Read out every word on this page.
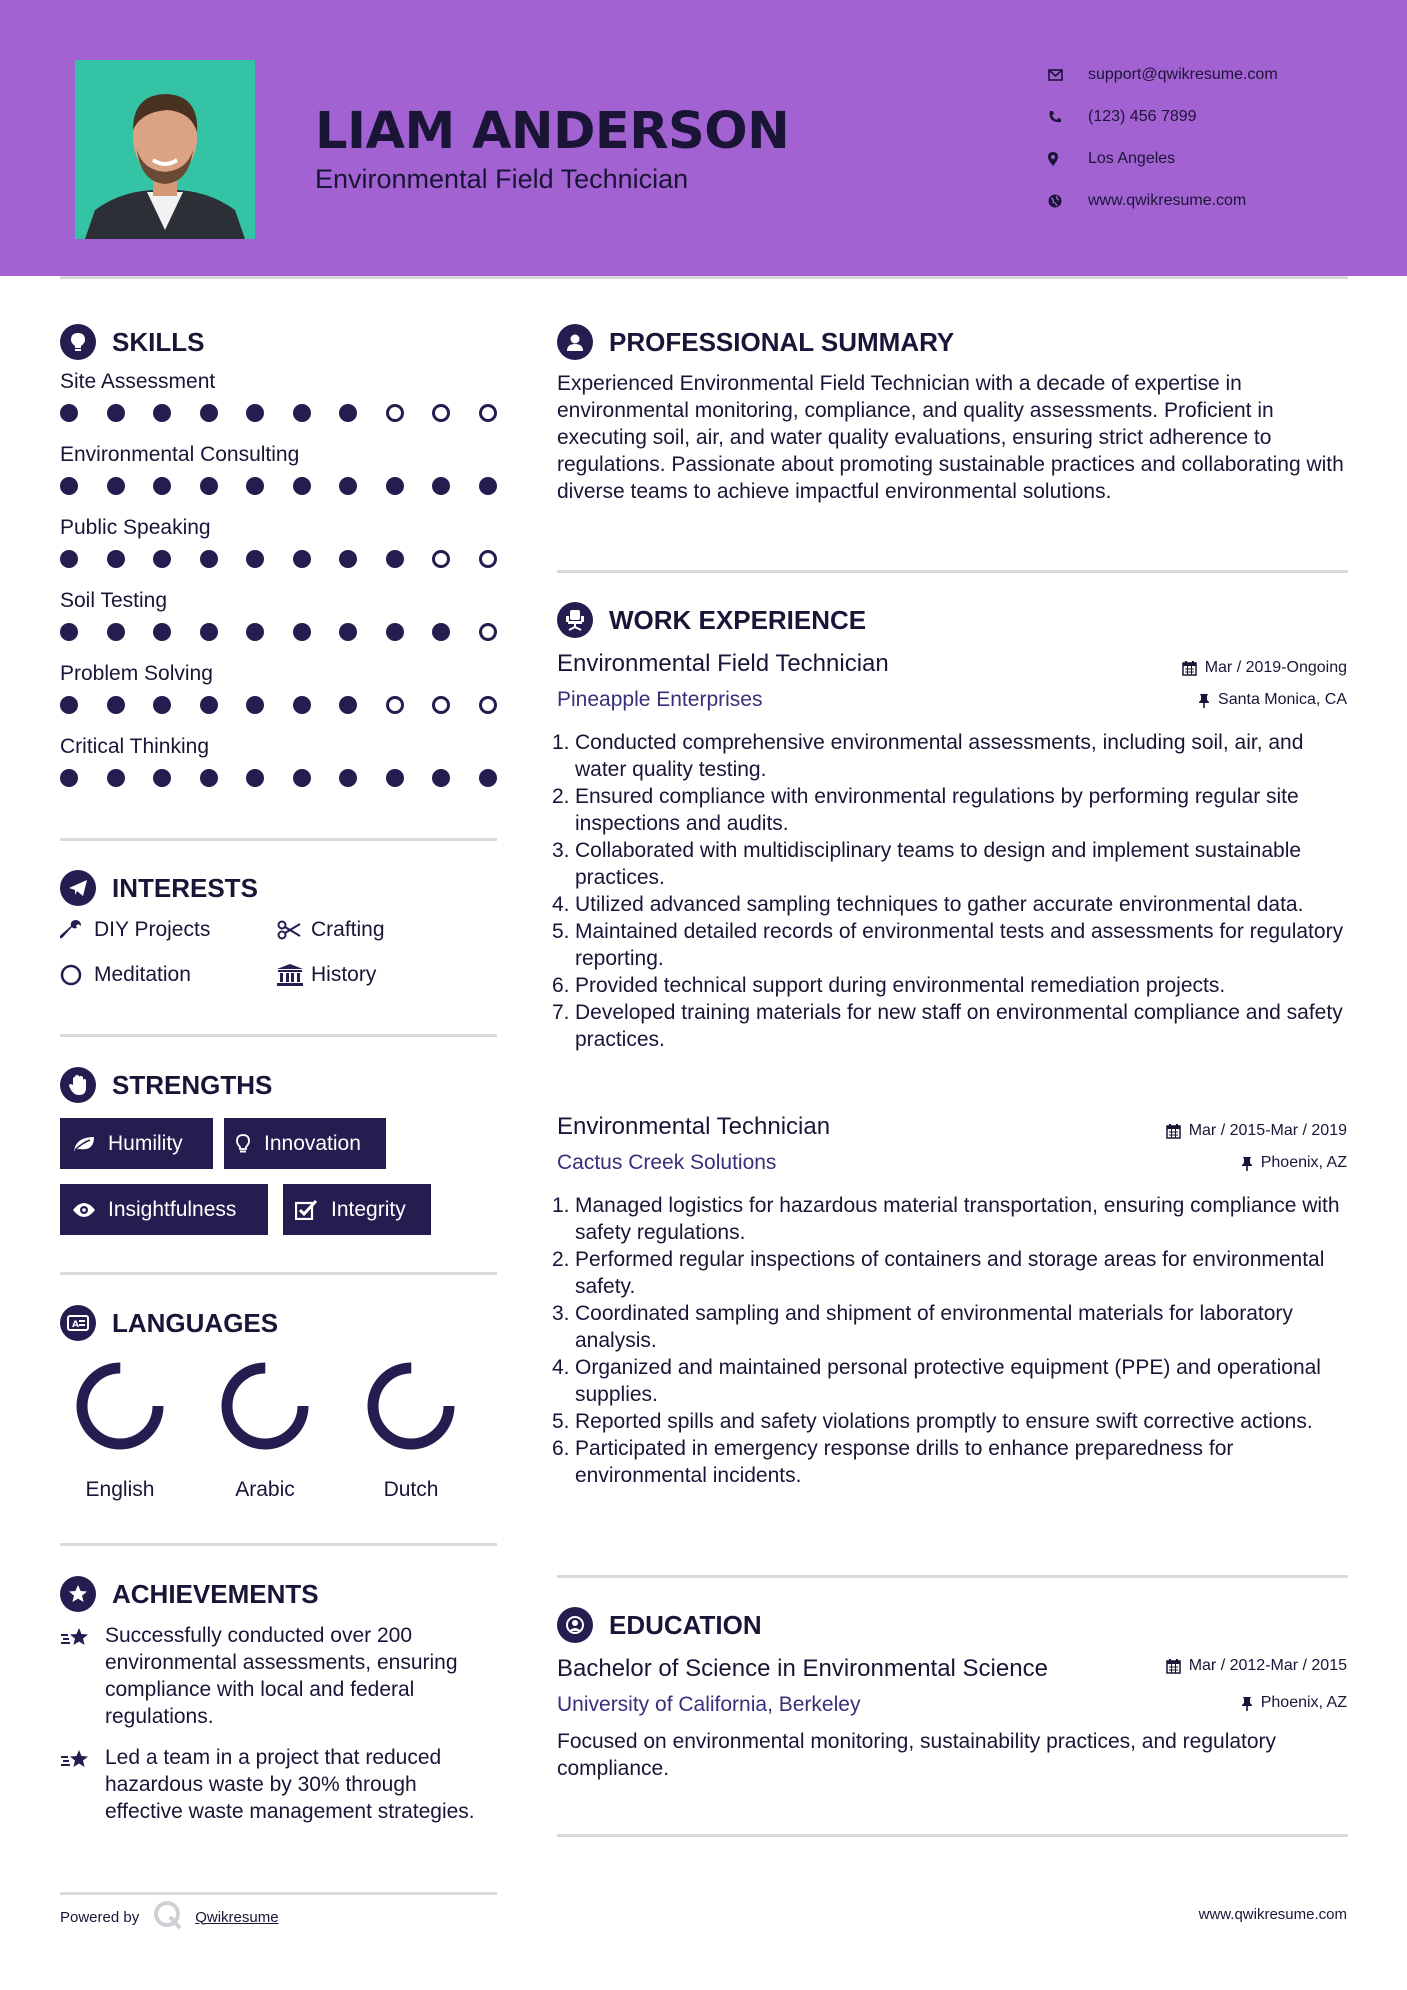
LIAM ANDERSON
Environmental Field Technician
support@qwikresume.com
(123) 456 7899
Los Angeles
www.qwikresume.com
SKILLS
Site Assessment
Environmental Consulting
Public Speaking
Soil Testing
Problem Solving
Critical Thinking
INTERESTS
DIY Projects	Crafting
Meditation	History
STRENGTHS
Humility	Innovation
Insightfulness	Integrity
A LANGUAGES
English	Arabic	Dutch
ACHIEVEMENTS
Successfully conducted over 200 environmental assessments, ensuring compliance with local and federal regulations.
Led a team in a project that reduced hazardous waste by 30% through effective waste management strategies.
PROFESSIONAL SUMMARY
Experienced Environmental Field Technician with a decade of expertise in environmental monitoring, compliance, and quality assessments. Proficient in executing soil, air, and water quality evaluations, ensuring strict adherence to regulations. Passionate about promoting sustainable practices and collaborating with diverse teams to achieve impactful environmental solutions.
WORK EXPERIENCE
Environmental Field Technician	Mar / 2019-Ongoing
Pineapple Enterprises	Santa Monica, CA
1. Conducted comprehensive environmental assessments, including soil, air, and water quality testing.
2. Ensured compliance with environmental regulations by performing regular site inspections and audits.
3. Collaborated with multidisciplinary teams to design and implement sustainable practices.
4. Utilized advanced sampling techniques to gather accurate environmental data.
5. Maintained detailed records of environmental tests and assessments for regulatory reporting.
6. Provided technical support during environmental remediation projects.
7. Developed training materials for new staff on environmental compliance and safety practices.
Environmental Technician	Mar / 2015-Mar / 2019
Cactus Creek Solutions	Phoenix, AZ
1. Managed logistics for hazardous material transportation, ensuring compliance with safety regulations.
2. Performed regular inspections of containers and storage areas for environmental safety.
3. Coordinated sampling and shipment of environmental materials for laboratory analysis.
4. Organized and maintained personal protective equipment (PPE) and operational supplies.
5. Reported spills and safety violations promptly to ensure swift corrective actions.
6. Participated in emergency response drills to enhance preparedness for environmental incidents.
EDUCATION
Bachelor of Science in Environmental Science	Mar / 2012-Mar / 2015
University of California, Berkeley	Phoenix, AZ
Focused on environmental monitoring, sustainability practices, and regulatory compliance.
Powered by	Qwikresume	www.qwikresume.com
